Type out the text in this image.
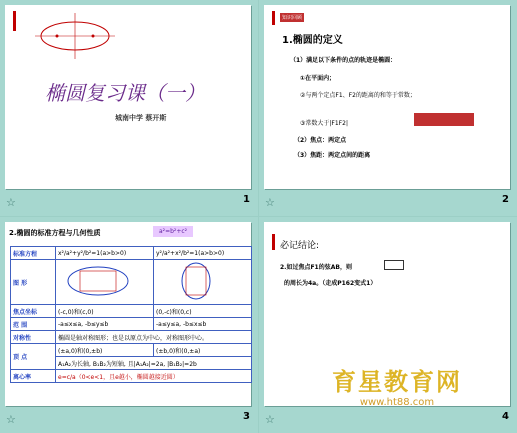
椭圆复习课（一）
城南中学 蔡开斯
☆	1
知识回顾
1.椭圆的定义
（1）满足以下条件的点的轨迹是椭圆：
①在平面内；
②与两个定点F1、F2的距离的和等于常数；
③常数大于|F1F2|
（2）焦点：两定点
（3）焦距：两定点间的距离
☆	2
2.椭圆的标准方程与几何性质	a²=b²+c²
标准方程	x²/a²+y²/b²=1(a>b>0)	y²/a²+x²/b²=1(a>b>0)
图 形		
焦点坐标	(-c,0)和(c,0)	(0,-c)和(0,c)
范 围	-a≤x≤a, -b≤y≤b	-a≤y≤a, -b≤x≤b
对称性	椭圆是轴对称图形；也是以原点为中心，对称图形中心。	
顶 点	(±a,0)和(0,±b)	(±b,0)和(0,±a)
	A₁A₂为长轴, B₁B₂为短轴, 且|A₁A₂|=2a, |B₁B₂|=2b	
离心率	e=c/a（0<e<1，且e越小，椭圆越接近圆）	
☆	3
必记结论:
2.如过焦点F1的弦AB，则
的周长为4a。（走成P162变式1）
☆	4
育星教育网
www.ht88.com
